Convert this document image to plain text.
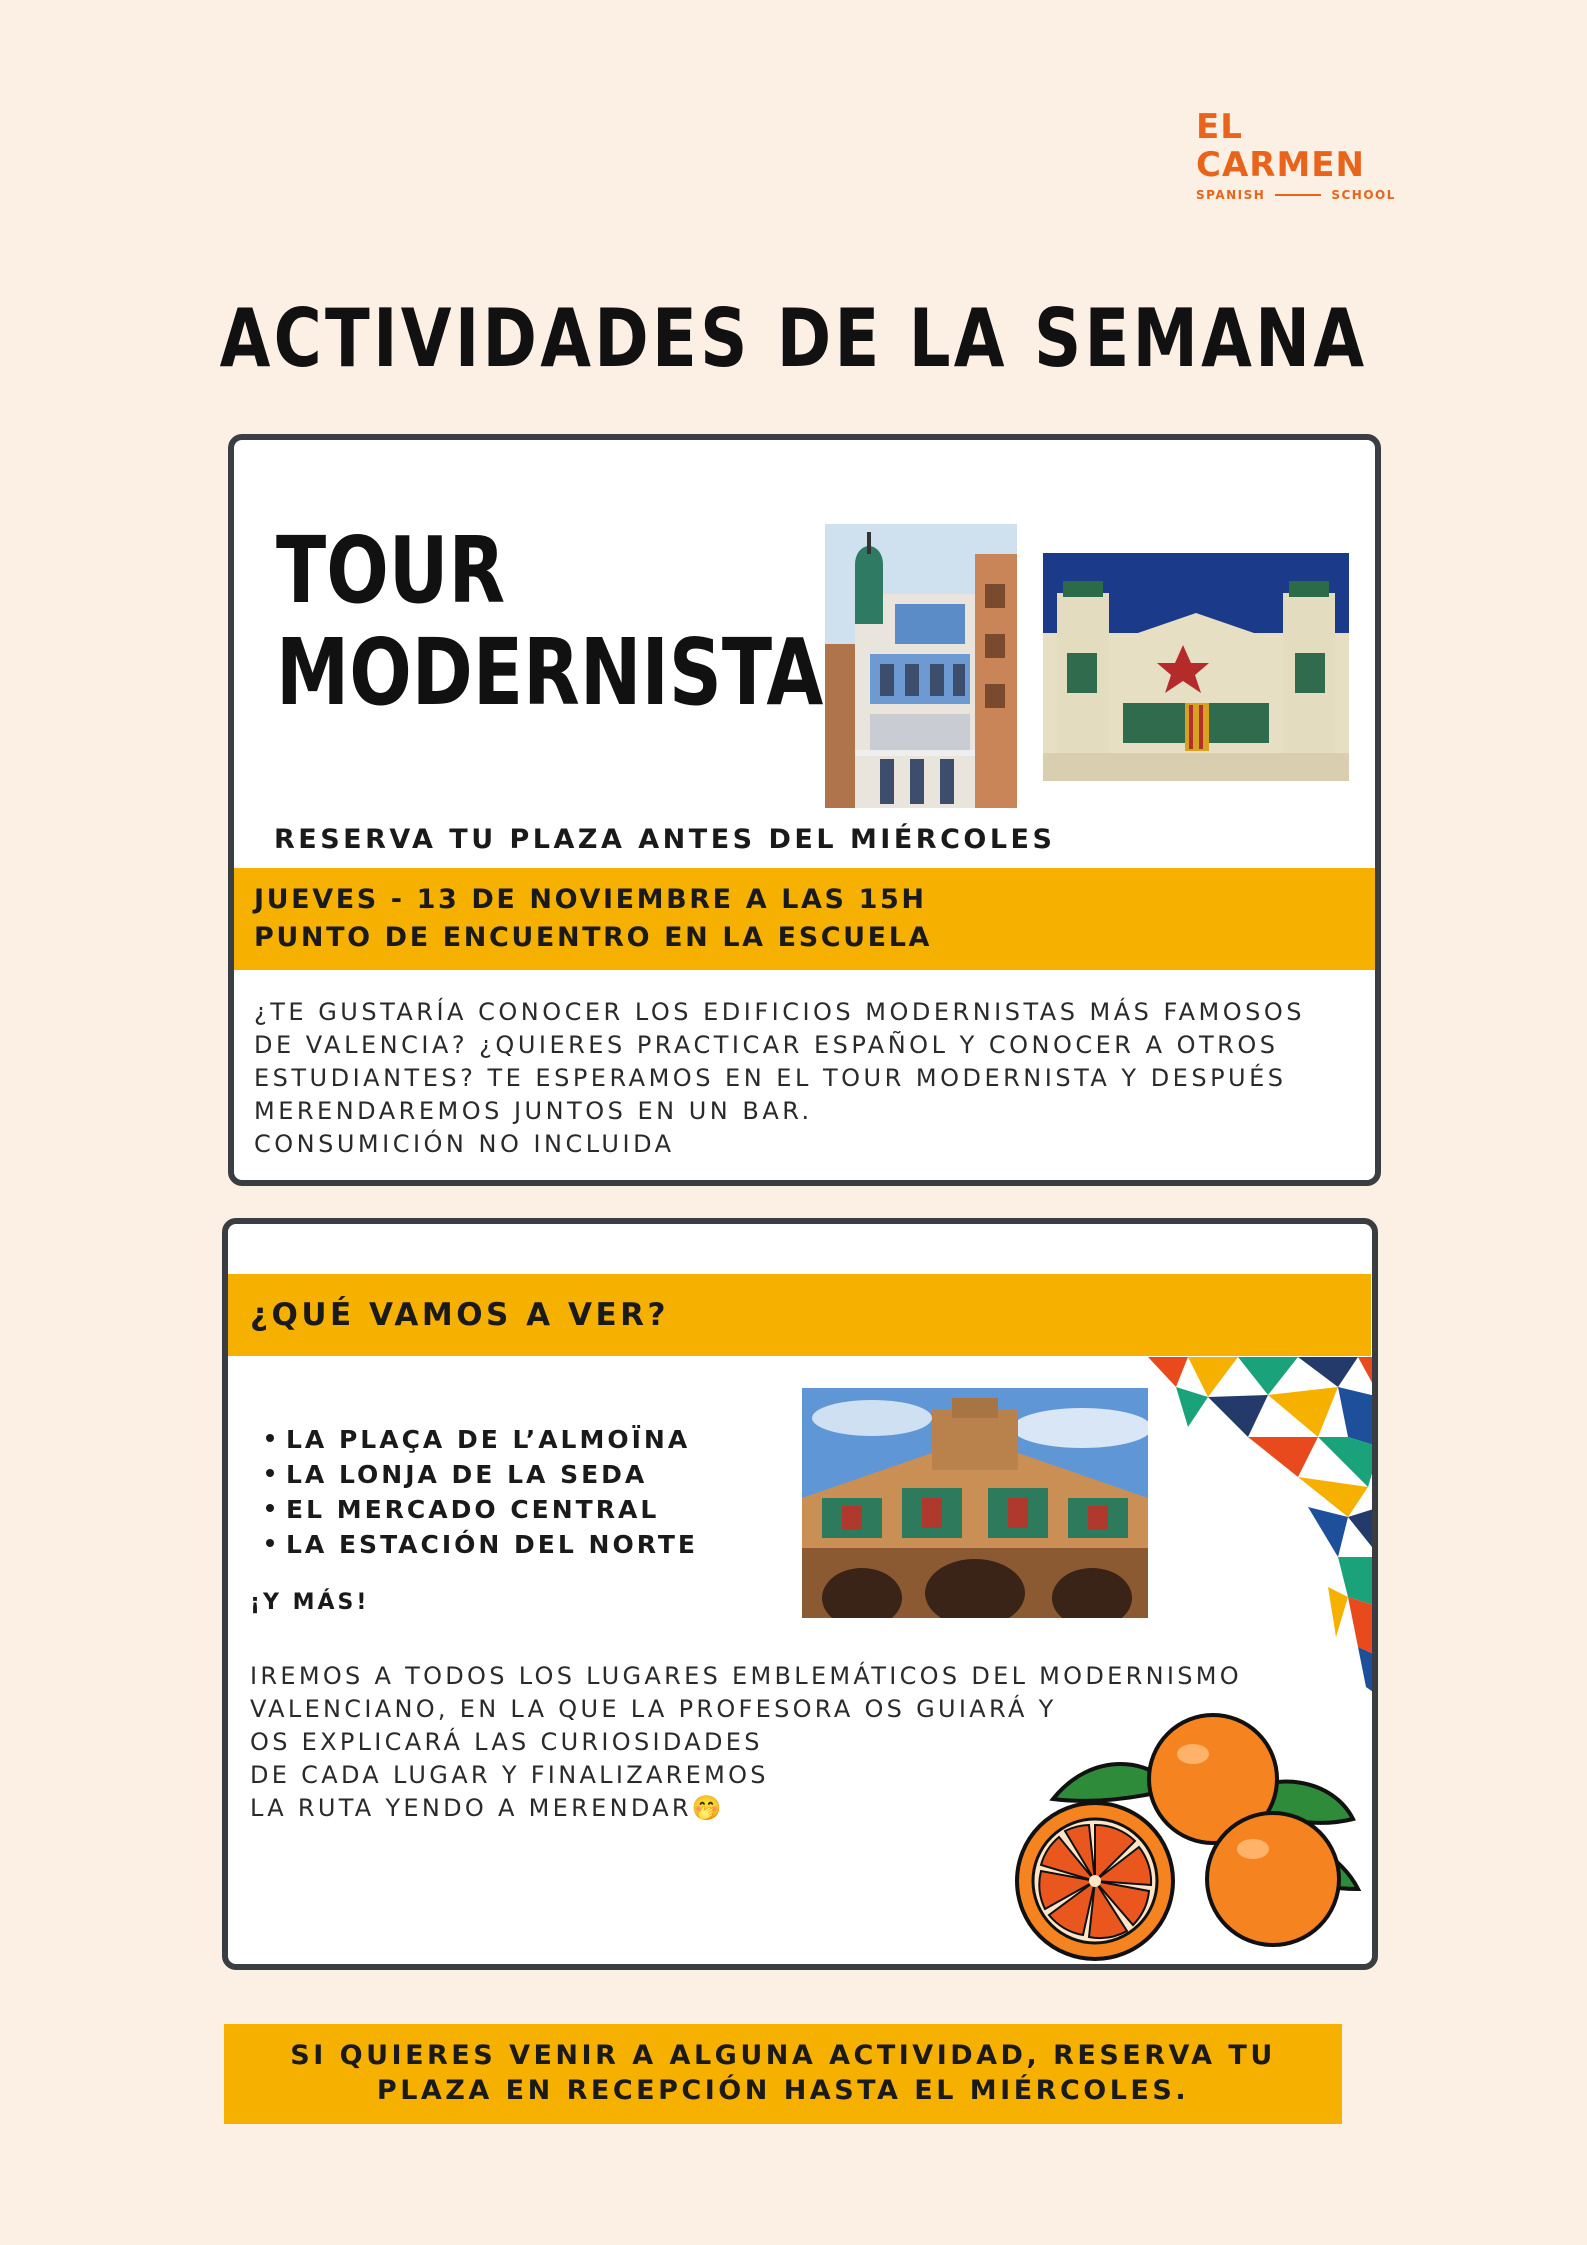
EL
CARMEN
SPANISH	SCHOOL
ACTIVIDADES DE LA SEMANA
TOUR
MODERNISTA
RESERVA TU PLAZA ANTES DEL MIÉRCOLES
JUEVES - 13 DE NOVIEMBRE A LAS 15H
PUNTO DE ENCUENTRO EN LA ESCUELA
¿TE GUSTARÍA CONOCER LOS EDIFICIOS MODERNISTAS MÁS FAMOSOS
DE VALENCIA? ¿QUIERES PRACTICAR ESPAÑOL Y CONOCER A OTROS
ESTUDIANTES? TE ESPERAMOS EN EL TOUR MODERNISTA Y DESPUÉS
MERENDAREMOS JUNTOS EN UN BAR.
CONSUMICIÓN NO INCLUIDA
¿QUÉ VAMOS A VER?
LA PLAÇA DE L’ALMOÏNA
LA LONJA DE LA SEDA
EL MERCADO CENTRAL
LA ESTACIÓN DEL NORTE
¡Y MÁS!
IREMOS A TODOS LOS LUGARES EMBLEMÁTICOS DEL MODERNISMO
VALENCIANO, EN LA QUE LA PROFESORA OS GUIARÁ Y
OS EXPLICARÁ LAS CURIOSIDADES
DE CADA LUGAR Y FINALIZAREMOS
LA RUTA YENDO A MERENDAR🤭
SI QUIERES VENIR A ALGUNA ACTIVIDAD, RESERVA TU
PLAZA EN RECEPCIÓN HASTA EL MIÉRCOLES.
